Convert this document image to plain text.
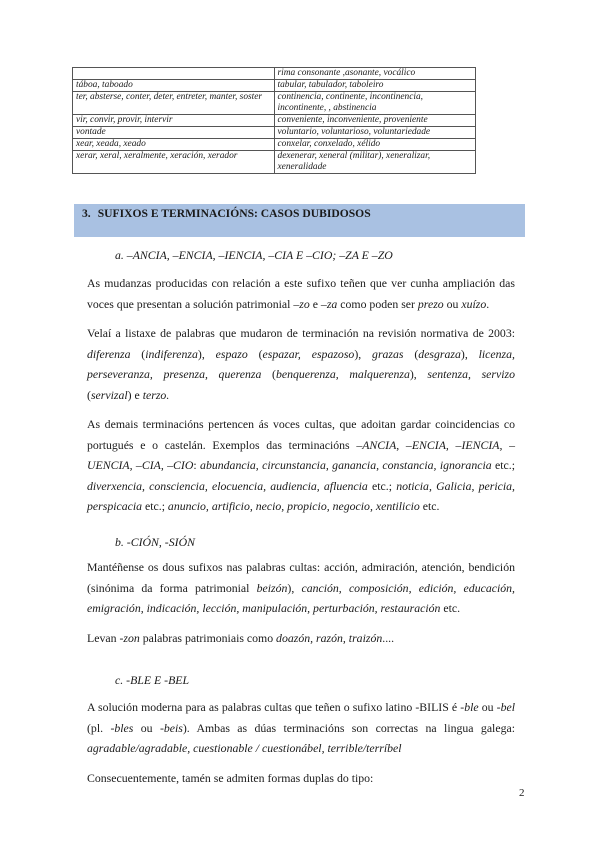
	rima consonante ,asonante, vocálico
táboa, taboado	tabular, tabulador, taboleiro
ter, absterse, conter, deter, entreter, manter, soster	continencia, continente, incontinencia, incontinente, , abstinencia
vir, convir, provir, intervir	conveniente, inconveniente, proveniente
vontade	voluntario, voluntarioso, voluntariedade
xear, xeada, xeado	conxelar, conxelado, xélido
xerar, xeral, xeralmente, xeración, xerador	dexenerar, xeneral (militar), xeneralizar, xeneralidade
3. SUFIXOS E TERMINACIÓNS: CASOS DUBIDOSOS
a. –ANCIA, –ENCIA, –IENCIA, –CIA E –CIO; –ZA E –ZO
As mudanzas producidas con relación a este sufixo teñen que ver cunha ampliación das voces que presentan a solución patrimonial –zo e –za como poden ser prezo ou xuízo.
Velaí a listaxe de palabras que mudaron de terminación na revisión normativa de 2003: diferenza (indiferenza), espazo (espazar, espazoso), grazas (desgraza), licenza, perseveranza, presenza, querenza (benquerenza, malquerenza), sentenza, servizo (servizal) e terzo.
As demais terminacións pertencen ás voces cultas, que adoitan gardar coincidencias co portugués e o castelán. Exemplos das terminacións –ANCIA, –ENCIA, –IENCIA, –UENCIA, –CIA, –CIO: abundancia, circunstancia, ganancia, constancia, ignorancia etc.; diverxencia, consciencia, elocuencia, audiencia, afluencia etc.; noticia, Galicia, pericia, perspicacia etc.; anuncio, artificio, necio, propicio, negocio, xentilicio etc.
b. -CIÓN, -SIÓN
Mantéñense os dous sufixos nas palabras cultas: acción, admiración, atención, bendición (sinónima da forma patrimonial beizón), canción, composición, edición, educación, emigración, indicación, lección, manipulación, perturbación, restauración etc.
Levan -zon palabras patrimoniais como doazón, razón, traizón....
c. -BLE E -BEL
A solución moderna para as palabras cultas que teñen o sufixo latino -BILIS é -ble ou -bel (pl. -bles ou -beis). Ambas as dúas terminacións son correctas na lingua galega: agradable/agradable, cuestionable / cuestionábel, terrible/terríbel
Consecuentemente, tamén se admiten formas duplas do tipo:
2
